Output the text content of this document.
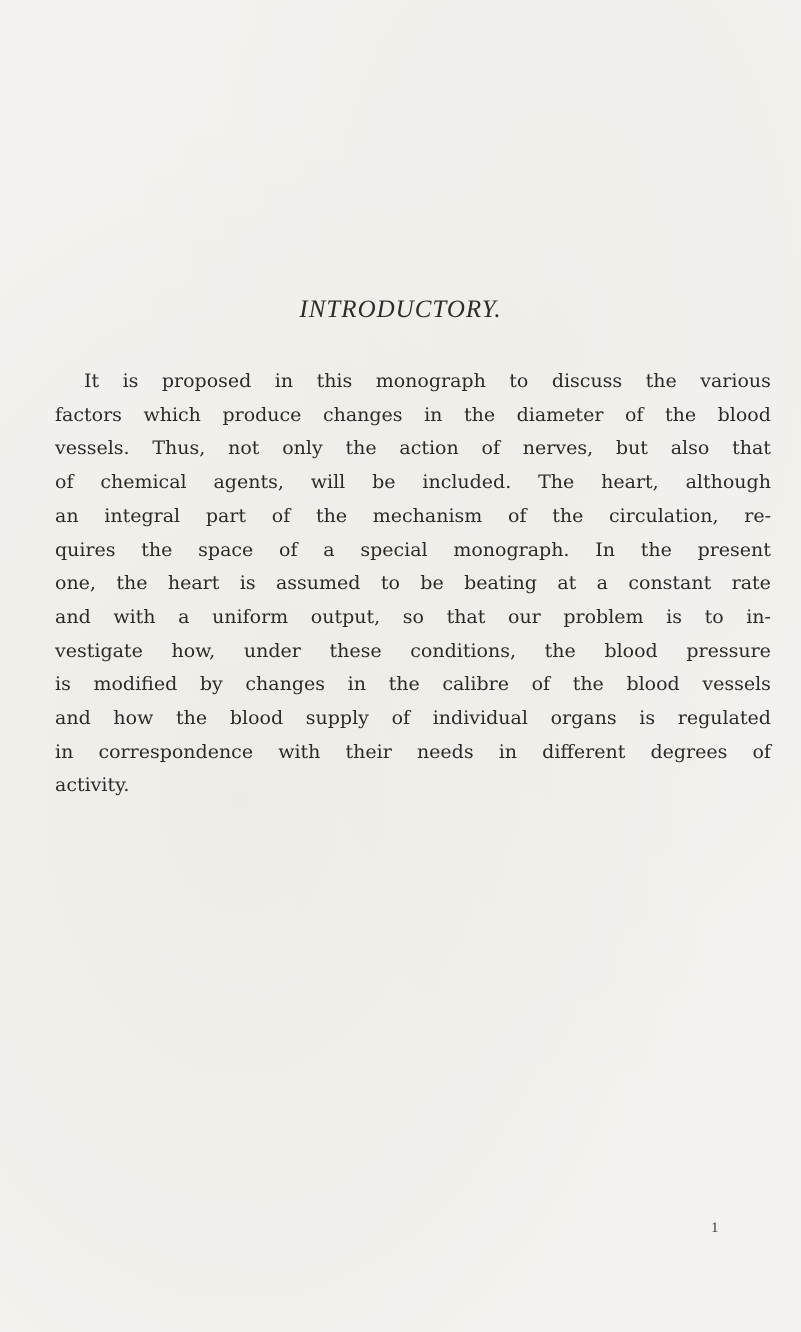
INTRODUCTORY.
It is proposed in this monograph to discuss the various
factors which produce changes in the diameter of the blood
vessels. Thus, not only the action of nerves, but also that
of chemical agents, will be included. The heart, although
an integral part of the mechanism of the circulation, re-
quires the space of a special monograph. In the present
one, the heart is assumed to be beating at a constant rate
and with a uniform output, so that our problem is to in-
vestigate how, under these conditions, the blood pressure
is modified by changes in the calibre of the blood vessels
and how the blood supply of individual organs is regulated
in correspondence with their needs in different degrees of
activity.
1
